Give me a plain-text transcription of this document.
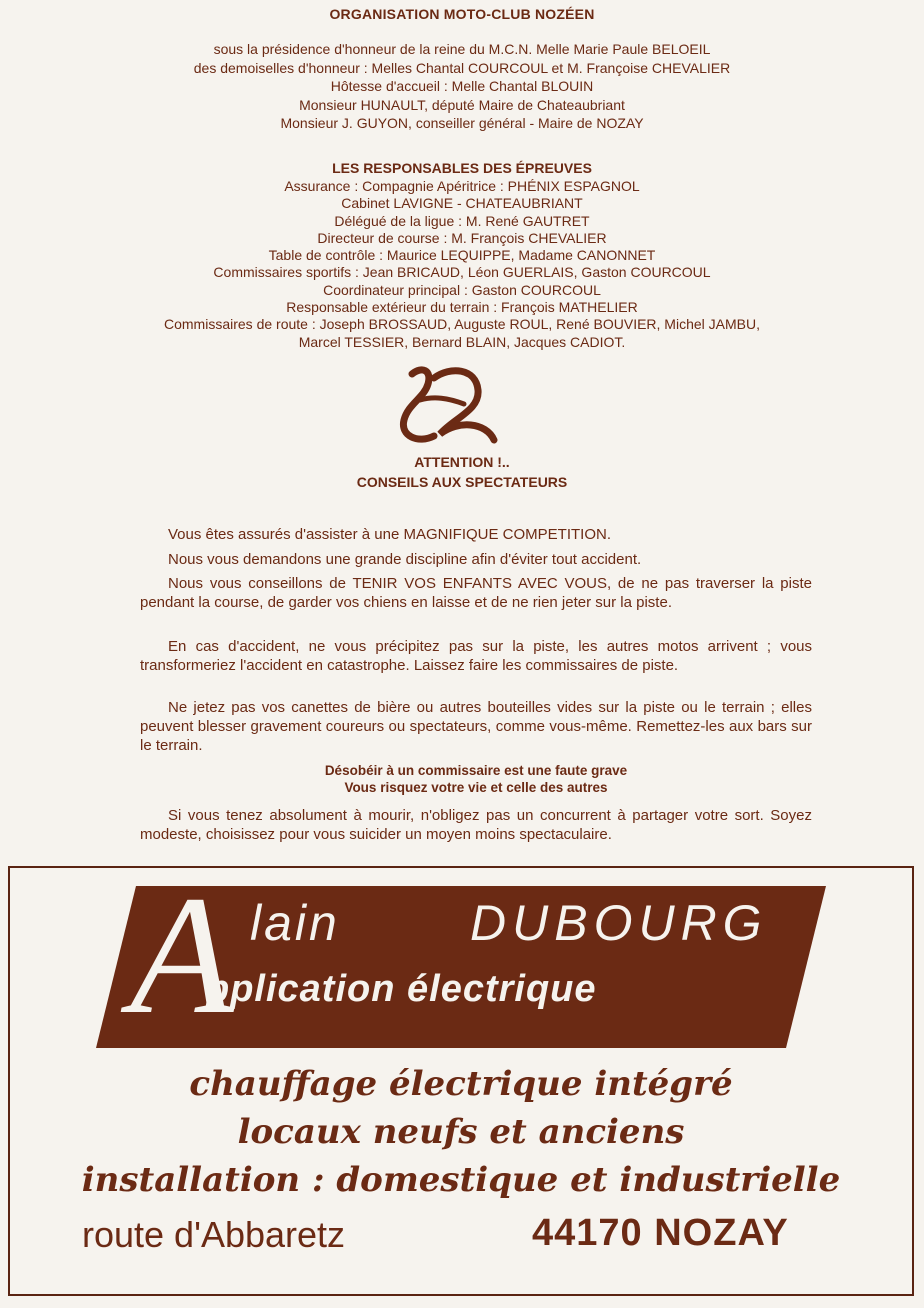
ORGANISATION MOTO-CLUB NOZÉEN
sous la présidence d'honneur de la reine du M.C.N. Melle Marie Paule BELOEIL
des demoiselles d'honneur : Melles Chantal COURCOUL et M. Françoise CHEVALIER
Hôtesse d'accueil : Melle Chantal BLOUIN
Monsieur HUNAULT, député Maire de Chateaubriant
Monsieur J. GUYON, conseiller général - Maire de NOZAY
LES RESPONSABLES DES ÉPREUVES
Assurance : Compagnie Apéritrice : PHÉNIX ESPAGNOL
Cabinet LAVIGNE - CHATEAUBRIANT
Délégué de la ligue : M. René GAUTRET
Directeur de course : M. François CHEVALIER
Table de contrôle : Maurice LEQUIPPE, Madame CANONNET
Commissaires sportifs : Jean BRICAUD, Léon GUERLAIS, Gaston COURCOUL
Coordinateur principal : Gaston COURCOUL
Responsable extérieur du terrain : François MATHELIER
Commissaires de route : Joseph BROSSAUD, Auguste ROUL, René BOUVIER, Michel JAMBU,
Marcel TESSIER, Bernard BLAIN, Jacques CADIOT.
ATTENTION !..
CONSEILS AUX SPECTATEURS

Vous êtes assurés d'assister à une MAGNIFIQUE COMPETITION.

Nous vous demandons une grande discipline afin d'éviter tout accident.

Nous vous conseillons de TENIR VOS ENFANTS AVEC VOUS, de ne pas traverser la piste pendant la course, de garder vos chiens en laisse et de ne rien jeter sur la piste.

En cas d'accident, ne vous précipitez pas sur la piste, les autres motos arrivent ; vous transformeriez l'accident en catastrophe. Laissez faire les commissaires de piste.

Ne jetez pas vos canettes de bière ou autres bouteilles vides sur la piste ou le terrain ; elles peuvent blesser gravement coureurs ou spectateurs, comme vous-même. Remettez-les aux bars sur le terrain.

Désobéir à un commissaire est une faute grave
Vous risquez votre vie et celle des autres

Si vous tenez absolument à mourir, n'obligez pas un concurrent à partager votre sort. Soyez modeste, choisissez pour vous suicider un moyen moins spectaculaire.

A lain	DUBOURG
pplication électrique
chauffage électrique intégré
locaux neufs et anciens
installation : domestique et industrielle
route d'Abbaretz	44170 NOZAY
